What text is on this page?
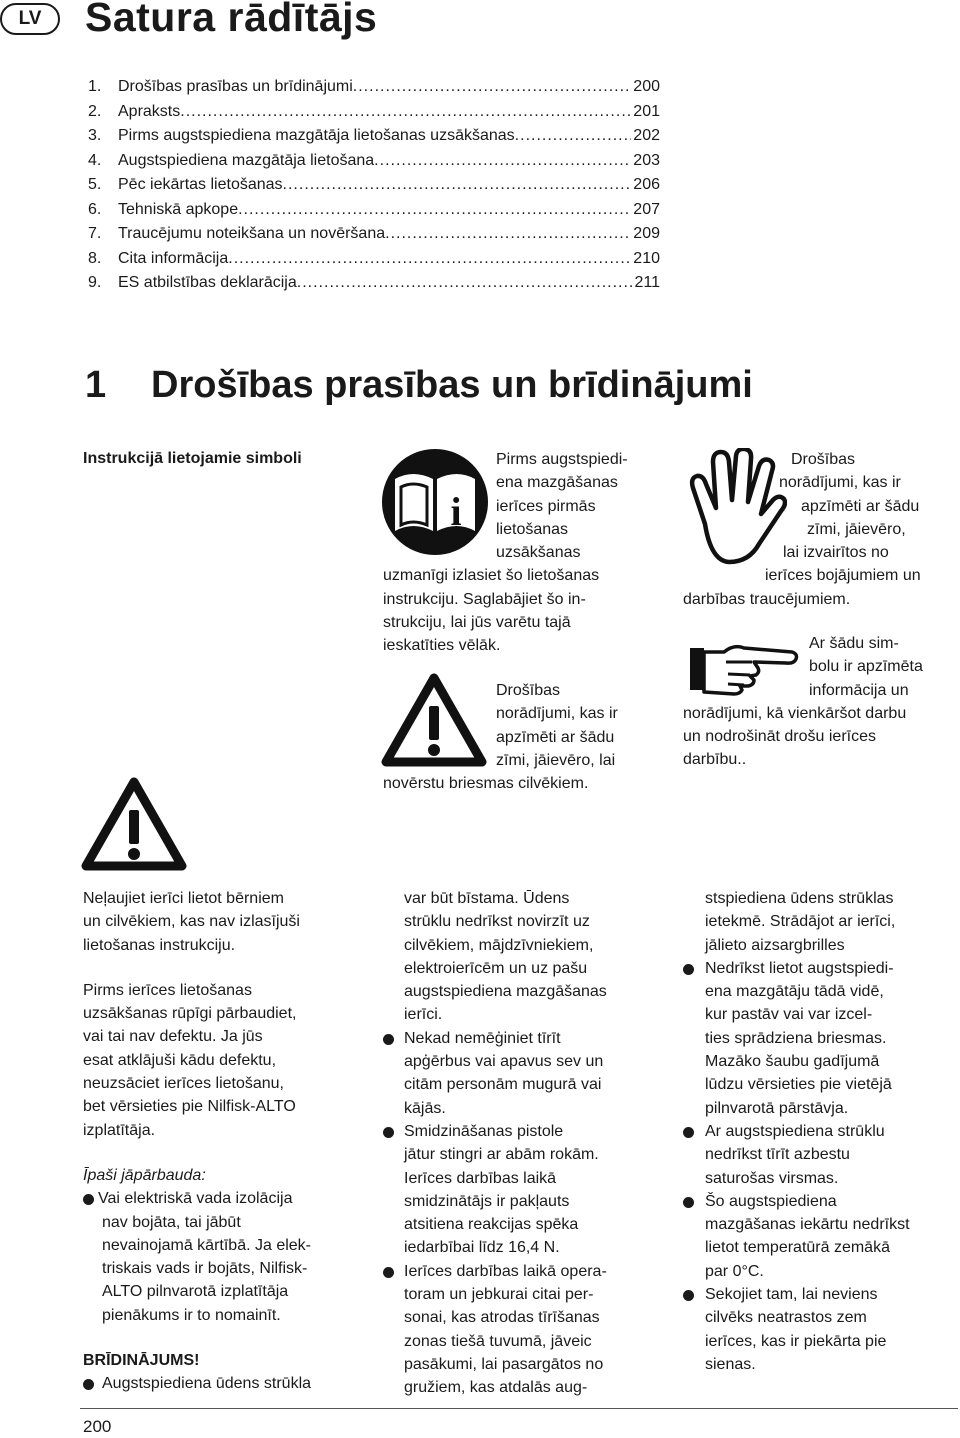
LV	Satura rādītājs
1.	Drošības prasības un brīdinājumi .....	200
2.	Apraksts .....	201
3.	Pirms augstspiediena mazgātāja lietošanas uzsākšanas .....	202
4.	Augstspiediena mazgātāja lietošana .....	203
5.	Pēc iekārtas lietošanas .....	206
6.	Tehniskā apkope .....	207
7.	Traucējumu noteikšana un novēršana .....	209
8.	Cita informācija .....	210
9.	ES atbilstības deklarācija .....	211
1 Drošības prasības un brīdinājumi
Instrukcijā lietojamie simboli
i
Pirms augstspiedi-
ena mazgāšanas
ierīces pirmās
lietošanas
uzsākšanas
uzmanīgi izlasiet šo lietošanas
instrukciju. Saglabājiet šo in-
strukciju, lai jūs varētu tajā
ieskatīties vēlāk.
Drošības
norādījumi, kas ir
apzīmēti ar šādu
zīmi, jāievēro, lai
novērstu briesmas cilvēkiem.
Drošības
norādījumi, kas ir
apzīmēti ar šādu
zīmi, jāievēro,
lai izvairītos no
ierīces bojājumiem un
darbības traucējumiem.
Ar šādu sim-
bolu ir apzīmēta
informācija un
norādījumi, kā vienkāršot darbu
un nodrošināt drošu ierīces
darbību..
Neļaujiet ierīci lietot bērniem
un cilvēkiem, kas nav izlasījuši
lietošanas instrukciju.
Pirms ierīces lietošanas
uzsākšanas rūpīgi pārbaudiet,
vai tai nav defektu. Ja jūs
esat atklājuši kādu defektu,
neuzsāciet ierīces lietošanu,
bet vērsieties pie Nilfisk-ALTO
izplatītāja.
Īpaši jāpārbauda:
Vai elektriskā vada izolācija
nav bojāta, tai jābūt
nevainojamā kārtībā. Ja elek-
triskais vads ir bojāts, Nilfisk-
ALTO pilnvarotā izplatītāja
pienākums ir to nomainīt.
BRĪDINĀJUMS!
Augstspiediena ūdens strūkla
var būt bīstama. Ūdens
strūklu nedrīkst novirzīt uz
cilvēkiem, mājdzīvniekiem,
elektroierīcēm un uz pašu
augstspiediena mazgāšanas
ierīci.
Nekad nemēģiniet tīrīt
apģērbus vai apavus sev un
citām personām mugurā vai
kājās.
Smidzināšanas pistole
jātur stingri ar abām rokām.
Ierīces darbības laikā
smidzinātājs ir pakļauts
atsitiena reakcijas spēka
iedarbībai līdz 16,4 N.
Ierīces darbības laikā opera-
toram un jebkurai citai per-
sonai, kas atrodas tīrīšanas
zonas tiešā tuvumā, jāveic
pasākumi, lai pasargātos no
gružiem, kas atdalās aug-
stspiediena ūdens strūklas
ietekmē. Strādājot ar ierīci,
jālieto aizsargbrilles
Nedrīkst lietot augstspiedi-
ena mazgātāju tādā vidē,
kur pastāv vai var izcel-
ties sprādziena briesmas.
Mazāko šaubu gadījumā
lūdzu vērsieties pie vietējā
pilnvarotā pārstāvja.
Ar augstspiediena strūklu
nedrīkst tīrīt azbestu
saturošas virsmas.
Šo augstspiediena
mazgāšanas iekārtu nedrīkst
lietot temperatūrā zemākā
par 0°C.
Sekojiet tam, lai neviens
cilvēks neatrastos zem
ierīces, kas ir piekārta pie
sienas.
200
